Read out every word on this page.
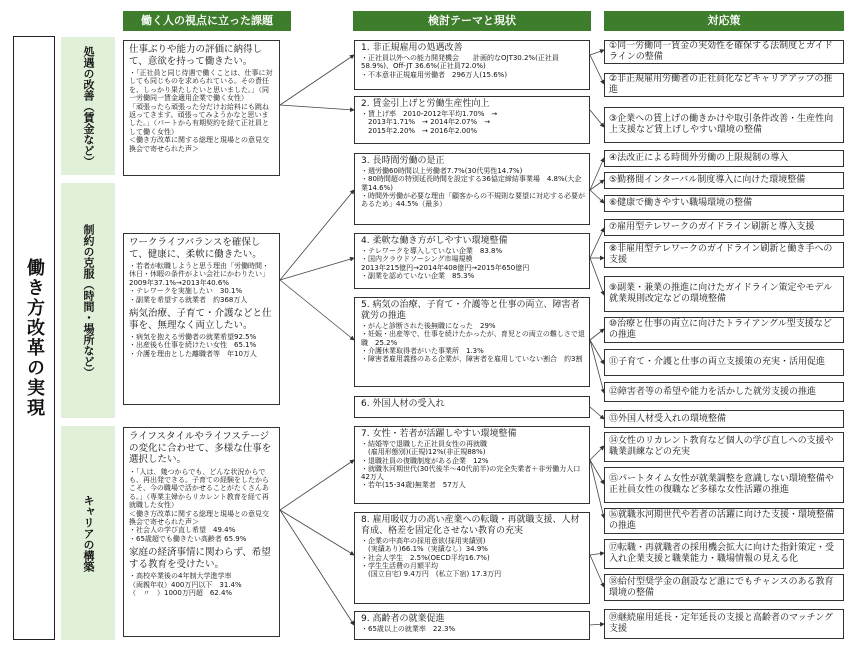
働く人の視点に立った課題	検討テーマと現状	対応策
働き方改革の実現
処遇の改善（賃金など）
制約の克服（時間・場所など）
キャリアの構築
仕事ぶりや能力の評価に納得して、意欲を持って働きたい。
・「正社員と同じ待遇で働くことは、仕事に対しても同じものを求められている。その責任を、しっかり果たしたいと思いました。」（同一労働同一賃金適用企業で働く女性）
「頑張ったら頑張った分だけお給料にも跳ね返ってきます。頑張ってみようかなと思いました。」（パートから有期契約を経て正社員として働く女性）
＜働き方改革に関する総理と現場との意見交換会で寄せられた声＞
ワークライフバランスを確保して、健康に、柔軟に働きたい。
・若者が転職しようと思う理由「労働時間・休日・休暇の条件がよい会社にかわりたい」2009年37.1%→2013年40.6%
・テレワークを実施したい　30.1%
・副業を希望する就業者　約368万人
病気治療、子育て・介護などと仕事を、無理なく両立したい。
・病気を抱える労働者の就業希望92.5%
・出産後も仕事を続けたい女性　65.1%
・介護を理由とした離職者等　年10万人
ライフスタイルやライフステージの変化に合わせて、多様な仕事を選択したい。
・「人は、幾つからでも、どんな状況からでも、再出発できる。子育ての経験をしたからこそ、今の職場で活かせることがたくさんある。」（専業主婦からリカレント教育を経て再就職した女性）
＜働き方改革に関する総理と現場との意見交換会で寄せられた声＞
・社会人の学び直し希望　49.4%
・65歳超でも働きたい高齢者 65.9%
家庭の経済事情に関わらず、希望する教育を受けたい。
・高校卒業後の4年制大学進学率
（両親年収）400万円以下　31.4%
（　〃　）1000万円超　62.4%
1. 非正規雇用の処遇改善
・正社員以外への能力開発機会　　計画的なOJT30.2%(正社員58.9%)、Off-JT 36.6%(正社員72.0%)
・不本意非正規雇用労働者　296万人(15.6%)
2. 賃金引上げと労働生産性向上
・賃上げ率　2010-2012年平均1.70%　→
　2013年1.71%　→ 2014年2.07%　→
　2015年2.20%　→ 2016年2.00%
3. 長時間労働の是正
・週労働60時間以上労働者7.7%(30代男性14.7%)
・80時間超の特別延長時間を設定する36協定締結事業場　4.8%(大企業14.6%)
・時間外労働が必要な理由「顧客からの不規則な要望に対応する必要があるため」44.5%（最多）
4. 柔軟な働き方がしやすい環境整備
・テレワークを導入していない企業　83.8%
・国内クラウドソーシング市場規模
2013年215億円→2014年408億円→2015年650億円
・副業を認めていない企業　85.3%
5. 病気の治療、子育て・介護等と仕事の両立、障害者就労の推進
・がんと診断された後無職になった　29%
・妊娠・出産等で、仕事を続けたかったが、育児との両立の難しさで退職　25.2%
・介護休業取得者がいた事業所　1.3%
・障害者雇用義務のある企業が、障害者を雇用していない割合　約3割
6. 外国人材の受入れ
7. 女性・若者が活躍しやすい環境整備
・結婚等で退職した正社員女性の再就職
　(雇用形態別)(正規)12%(非正規88%)
・退職社員の復職制度がある企業　12%
・就職氷河期世代(30代後半～40代前半)の完全失業者＋非労働力人口　42万人
・若年(15-34歳)無業者　57万人
8. 雇用吸収力の高い産業への転職・再就職支援、人材育成、格差を固定化させない教育の充実
・企業の中高年の採用意欲(採用実績別)
　(実績あり)66.1%（実績なし）34.9%
・社会人学生　2.5%(OECD平均16.7%)
・学生生活費の月額平均
　(国立自宅) 9.4万円　(私立下宿) 17.3万円
9. 高齢者の就業促進
・65歳以上の就業率　22.3%
①同一労働同一賃金の実効性を確保する法制度とガイドラインの整備
②非正規雇用労働者の正社員化などキャリアアップの推進
③企業への賃上げの働きかけや取引条件改善・生産性向上支援など賃上げしやすい環境の整備
④法改正による時間外労働の上限規制の導入
⑤勤務間インターバル制度導入に向けた環境整備
⑥健康で働きやすい職場環境の整備
⑦雇用型テレワークのガイドライン刷新と導入支援
⑧非雇用型テレワークのガイドライン刷新と働き手への支援
⑨副業・兼業の推進に向けたガイドライン策定やモデル就業規則改定などの環境整備
⑩治療と仕事の両立に向けたトライアングル型支援などの推進
⑪子育て・介護と仕事の両立支援策の充実・活用促進
⑫障害者等の希望や能力を活かした就労支援の推進
⑬外国人材受入れの環境整備
⑭女性のリカレント教育など個人の学び直しへの支援や職業訓練などの充実
⑮パートタイム女性が就業調整を意識しない環境整備や正社員女性の復職など多様な女性活躍の推進
⑯就職氷河期世代や若者の活躍に向けた支援・環境整備の推進
⑰転職・再就職者の採用機会拡大に向けた指針策定・受入れ企業支援と職業能力・職場情報の見える化
⑱給付型奨学金の創設など誰にでもチャンスのある教育環境の整備
⑲継続雇用延長・定年延長の支援と高齢者のマッチング支援
